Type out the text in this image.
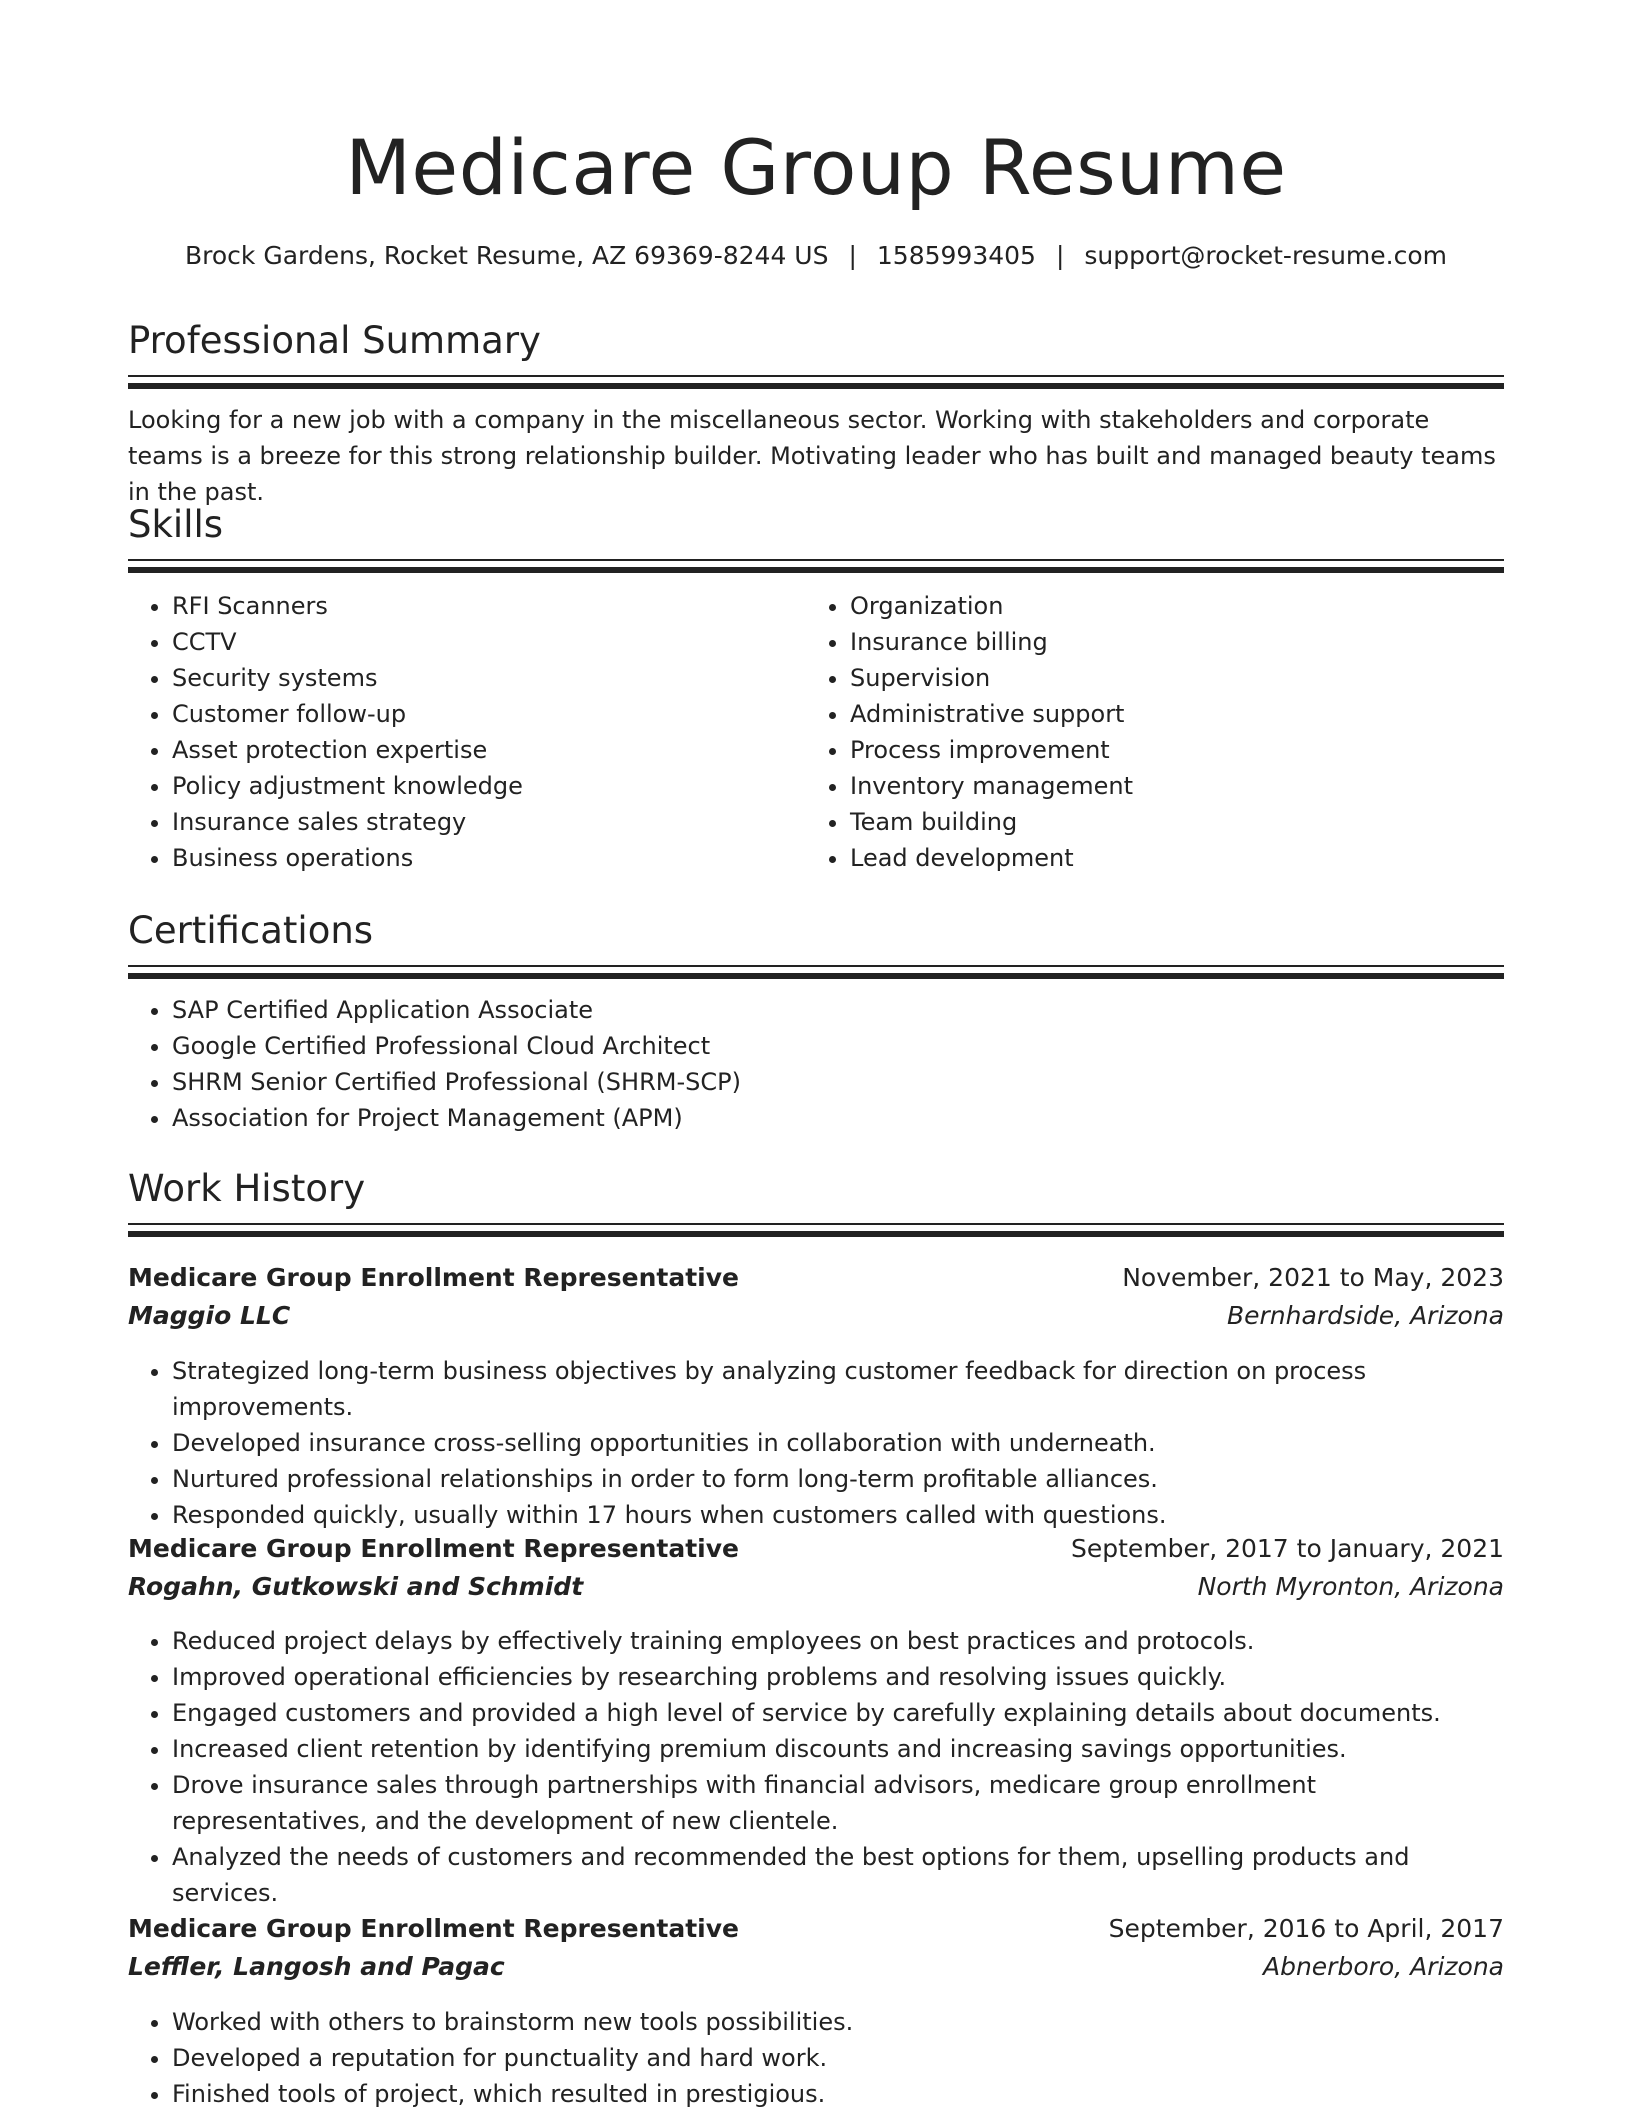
Medicare Group Resume
Brock Gardens, Rocket Resume, AZ 69369-8244 US | 1585993405 | support@rocket-resume.com
Professional Summary

Looking for a new job with a company in the miscellaneous sector. Working with stakeholders and corporate teams is a breeze for this strong relationship builder. Motivating leader who has built and managed beauty teams in the past.

Skills
• RFI Scanners
• CCTV
• Security systems
• Customer follow-up
• Asset protection expertise
• Policy adjustment knowledge
• Insurance sales strategy
• Business operations
• Organization
• Insurance billing
• Supervision
• Administrative support
• Process improvement
• Inventory management
• Team building
• Lead development
Certifications
• SAP Certified Application Associate
• Google Certified Professional Cloud Architect
• SHRM Senior Certified Professional (SHRM-SCP)
• Association for Project Management (APM)
Work History
Medicare Group Enrollment Representative	November, 2021 to May, 2023
Maggio LLC	Bernhardside, Arizona
• Strategized long-term business objectives by analyzing customer feedback for direction on process improvements.
• Developed insurance cross-selling opportunities in collaboration with underneath.
• Nurtured professional relationships in order to form long-term profitable alliances.
• Responded quickly, usually within 17 hours when customers called with questions.
Medicare Group Enrollment Representative	September, 2017 to January, 2021
Rogahn, Gutkowski and Schmidt	North Myronton, Arizona
• Reduced project delays by effectively training employees on best practices and protocols.
• Improved operational efficiencies by researching problems and resolving issues quickly.
• Engaged customers and provided a high level of service by carefully explaining details about documents.
• Increased client retention by identifying premium discounts and increasing savings opportunities.
• Drove insurance sales through partnerships with financial advisors, medicare group enrollment representatives, and the development of new clientele.
• Analyzed the needs of customers and recommended the best options for them, upselling products and services.
Medicare Group Enrollment Representative	September, 2016 to April, 2017
Leffler, Langosh and Pagac	Abnerboro, Arizona
• Worked with others to brainstorm new tools possibilities.
• Developed a reputation for punctuality and hard work.
• Finished tools of project, which resulted in prestigious.
